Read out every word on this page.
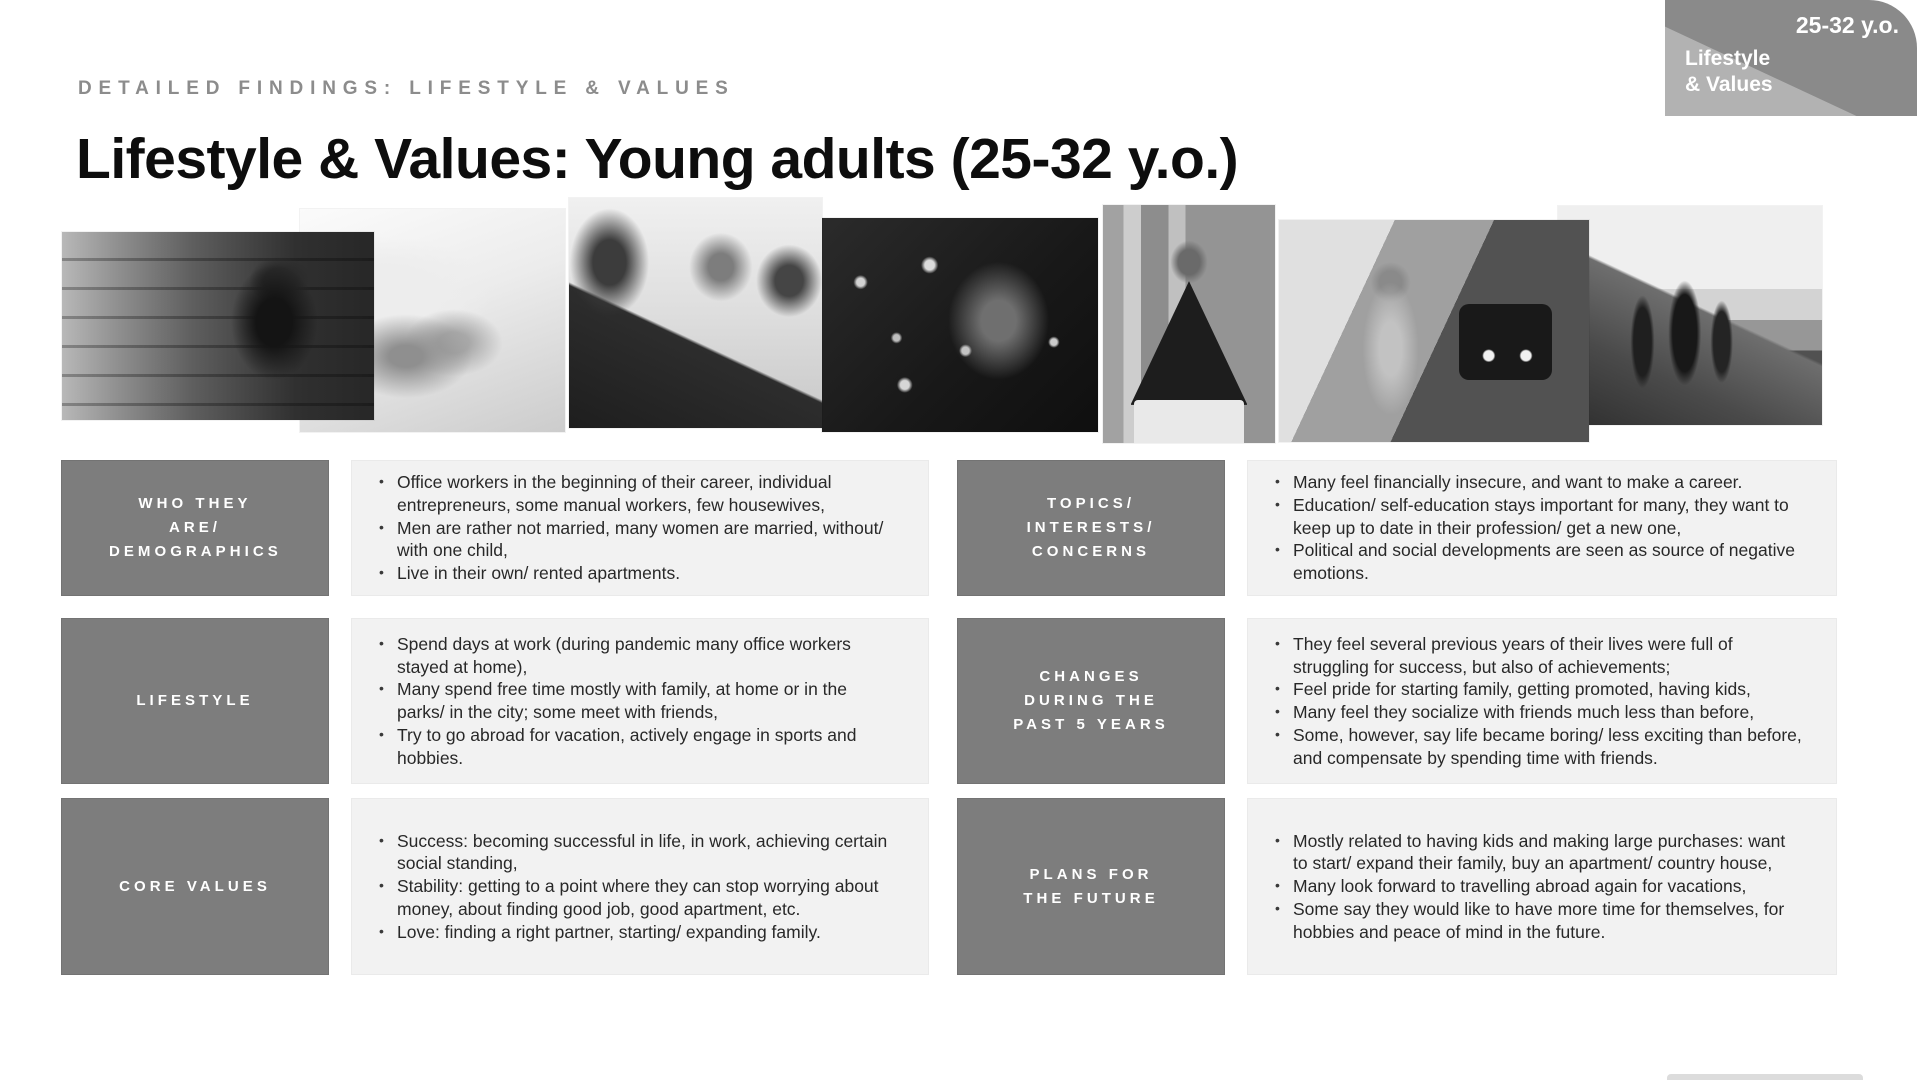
DETAILED FINDINGS: LIFESTYLE & VALUES
Lifestyle & Values: Young adults (25-32 y.o.)
25-32 y.o.
Lifestyle
& Values
WHO THEY ARE/ DEMOGRAPHICS
• Office workers in the beginning of their career, individual entrepreneurs, some manual workers, few housewives,
• Men are rather not married, many women are married, without/ with one child,
• Live in their own/ rented apartments.
LIFESTYLE
• Spend days at work (during pandemic many office workers stayed at home),
• Many spend free time mostly with family, at home or in the parks/ in the city; some meet with friends,
• Try to go abroad for vacation, actively engage in sports and hobbies.
CORE VALUES
• Success: becoming successful in life, in work, achieving certain social standing,
• Stability: getting to a point where they can stop worrying about money, about finding good job, good apartment, etc.
• Love: finding a right partner, starting/ expanding family.
TOPICS/ INTERESTS/ CONCERNS
• Many feel financially insecure, and want to make a career.
• Education/ self-education stays important for many, they want to keep up to date in their profession/ get a new one,
• Political and social developments are seen as source of negative emotions.
CHANGES DURING THE PAST 5 YEARS
• They feel several previous years of their lives were full of struggling for success, but also of achievements;
• Feel pride for starting family, getting promoted, having kids,
• Many feel they socialize with friends much less than before,
• Some, however, say life became boring/ less exciting than before, and compensate by spending time with friends.
PLANS FOR THE FUTURE
• Mostly related to having kids and making large purchases: want to start/ expand their family, buy an apartment/ country house,
• Many look forward to travelling abroad again for vacations,
• Some say they would like to have more time for themselves, for hobbies and peace of mind in the future.
